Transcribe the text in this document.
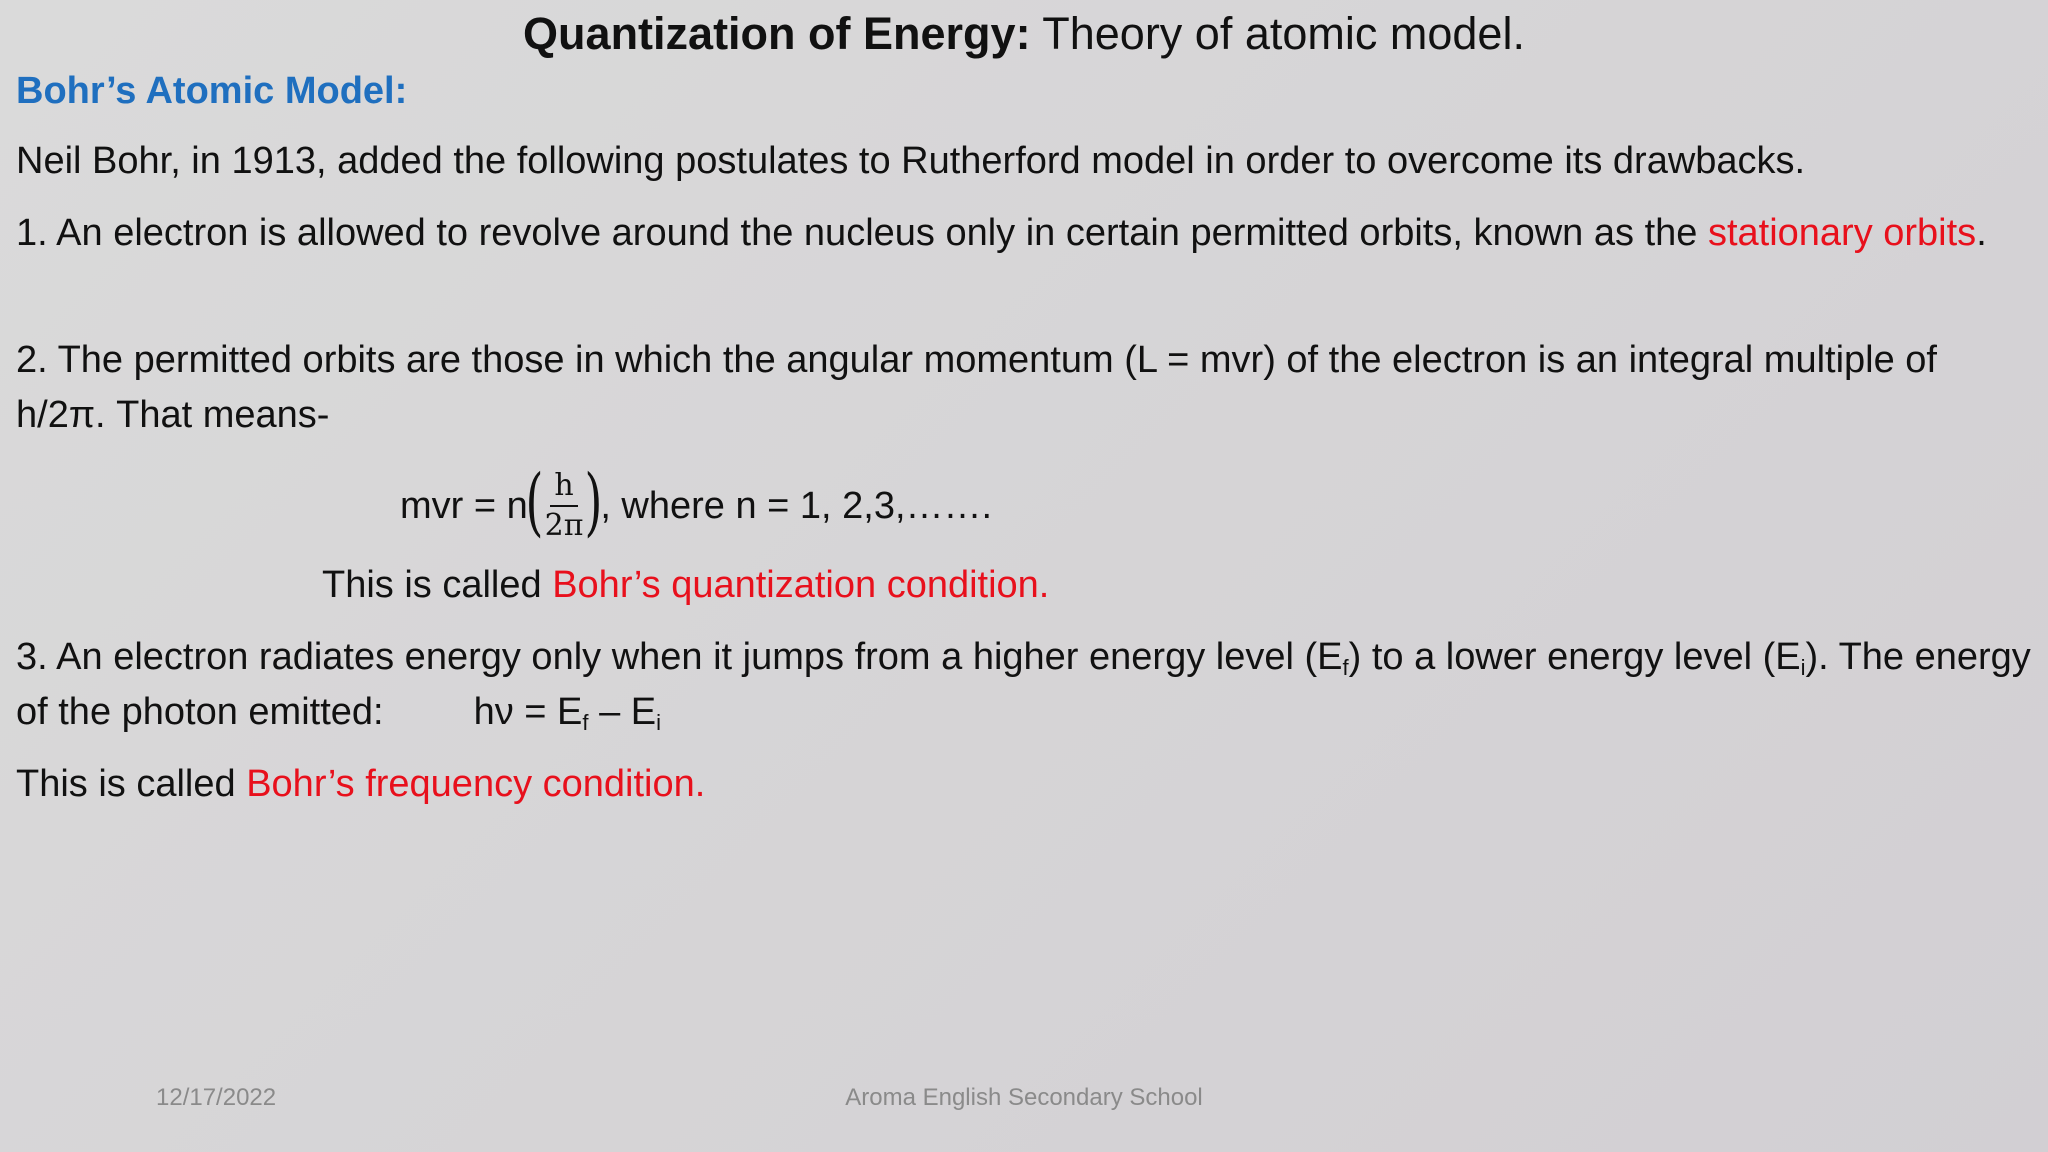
Quantization of Energy: Theory of atomic model.
Bohr’s Atomic Model:
Neil Bohr, in 1913, added the following postulates to Rutherford model in order to overcome its drawbacks.
1. An electron is allowed to revolve around the nucleus only in certain permitted orbits, known as the stationary orbits.
2. The permitted orbits are those in which the angular momentum (L = mvr) of the electron is an integral multiple of h/2π. That means-
mvr = n
(
$\frac{h}{2\pi}$
)
, where n = 1, 2,3,…….
This is called Bohr’s quantization condition.
3. An electron radiates energy only when it jumps from a higher energy level $(E_f)$ to a lower energy level $(E_i)$. The energy of the photon emitted: $h\nu = E_f - E_i$
This is called Bohr’s frequency condition.
12/17/2022	Aroma English Secondary School
